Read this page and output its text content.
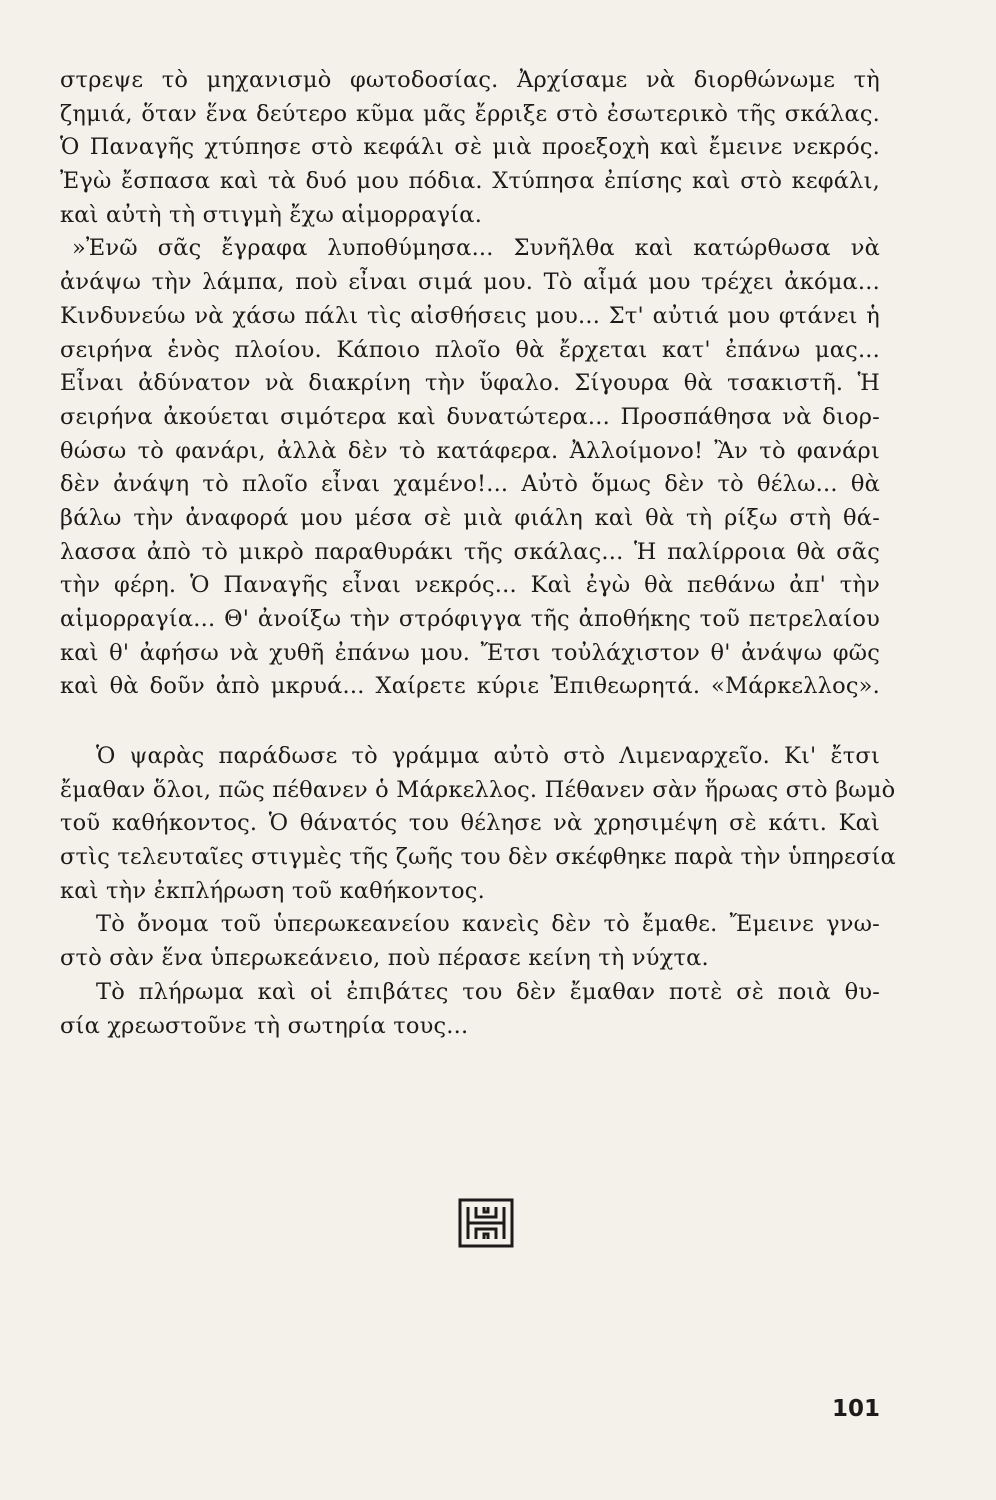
στρεψε τὸ μηχανισμὸ φωτοδοσίας. Ἀρχίσαμε νὰ διορθώνωμε τὴ
ζημιά, ὅταν ἕνα δεύτερο κῦμα μᾶς ἔρριξε στὸ ἐσωτερικὸ τῆς σκάλας.
Ὁ Παναγῆς χτύπησε στὸ κεφάλι σὲ μιὰ προεξοχὴ καὶ ἔμεινε νεκρός.
Ἐγὼ ἔσπασα καὶ τὰ δυό μου πόδια. Χτύπησα ἐπίσης καὶ στὸ κεφάλι,
καὶ αὐτὴ τὴ στιγμὴ ἔχω αἱμορραγία.
»Ἐνῶ σᾶς ἔγραφα λυποθύμησα... Συνῆλθα καὶ κατώρθωσα νὰ
ἀνάψω τὴν λάμπα, ποὺ εἶναι σιμά μου. Τὸ αἷμά μου τρέχει ἀκόμα...
Κινδυνεύω νὰ χάσω πάλι τὶς αἰσθήσεις μου... Στ' αὐτιά μου φτάνει ἡ
σειρήνα ἑνὸς πλοίου. Κάποιο πλοῖο θὰ ἔρχεται κατ' ἐπάνω μας...
Εἶναι ἀδύνατον νὰ διακρίνη τὴν ὕφαλο. Σίγουρα θὰ τσακιστῆ. Ἡ
σειρήνα ἀκούεται σιμότερα καὶ δυνατώτερα... Προσπάθησα νὰ διορ-
θώσω τὸ φανάρι, ἀλλὰ δὲν τὸ κατάφερα. Ἀλλοίμονο! Ἂν τὸ φανάρι
δὲν ἀνάψη τὸ πλοῖο εἶναι χαμένο!... Αὐτὸ ὅμως δὲν τὸ θέλω... θὰ
βάλω τὴν ἀναφορά μου μέσα σὲ μιὰ φιάλη καὶ θὰ τὴ ρίξω στὴ θά-
λασσα ἀπὸ τὸ μικρὸ παραθυράκι τῆς σκάλας... Ἡ παλίρροια θὰ σᾶς
τὴν φέρη. Ὁ Παναγῆς εἶναι νεκρός... Καὶ ἐγὼ θὰ πεθάνω ἀπ' τὴν
αἱμορραγία... Θ' ἀνοίξω τὴν στρόφιγγα τῆς ἀποθήκης τοῦ πετρελαίου
καὶ θ' ἀφήσω νὰ χυθῆ ἐπάνω μου. Ἔτσι τοὐλάχιστον θ' ἀνάψω φῶς
καὶ θὰ δοῦν ἀπὸ μκρυά... Χαίρετε κύριε Ἐπιθεωρητά. «Μάρκελλος».
Ὁ ψαρὰς παράδωσε τὸ γράμμα αὐτὸ στὸ Λιμεναρχεῖο. Κι' ἔτσι
ἔμαθαν ὅλοι, πῶς πέθανεν ὁ Μάρκελλος. Πέθανεν σὰν ἥρωας στὸ βωμὸ
τοῦ καθήκοντος. Ὁ θάνατός του θέλησε νὰ χρησιμέψη σὲ κάτι. Καὶ
στὶς τελευταῖες στιγμὲς τῆς ζωῆς του δὲν σκέφθηκε παρὰ τὴν ὑπηρεσία
καὶ τὴν ἐκπλήρωση τοῦ καθήκοντος.
Τὸ ὄνομα τοῦ ὑπερωκεανείου κανεὶς δὲν τὸ ἔμαθε. Ἔμεινε γνω-
στὸ σὰν ἕνα ὑπερωκεάνειο, ποὺ πέρασε κείνη τὴ νύχτα.
Τὸ πλήρωμα καὶ οἱ ἐπιβάτες του δὲν ἔμαθαν ποτὲ σὲ ποιὰ θυ-
σία χρεωστοῦνε τὴ σωτηρία τους...
101
